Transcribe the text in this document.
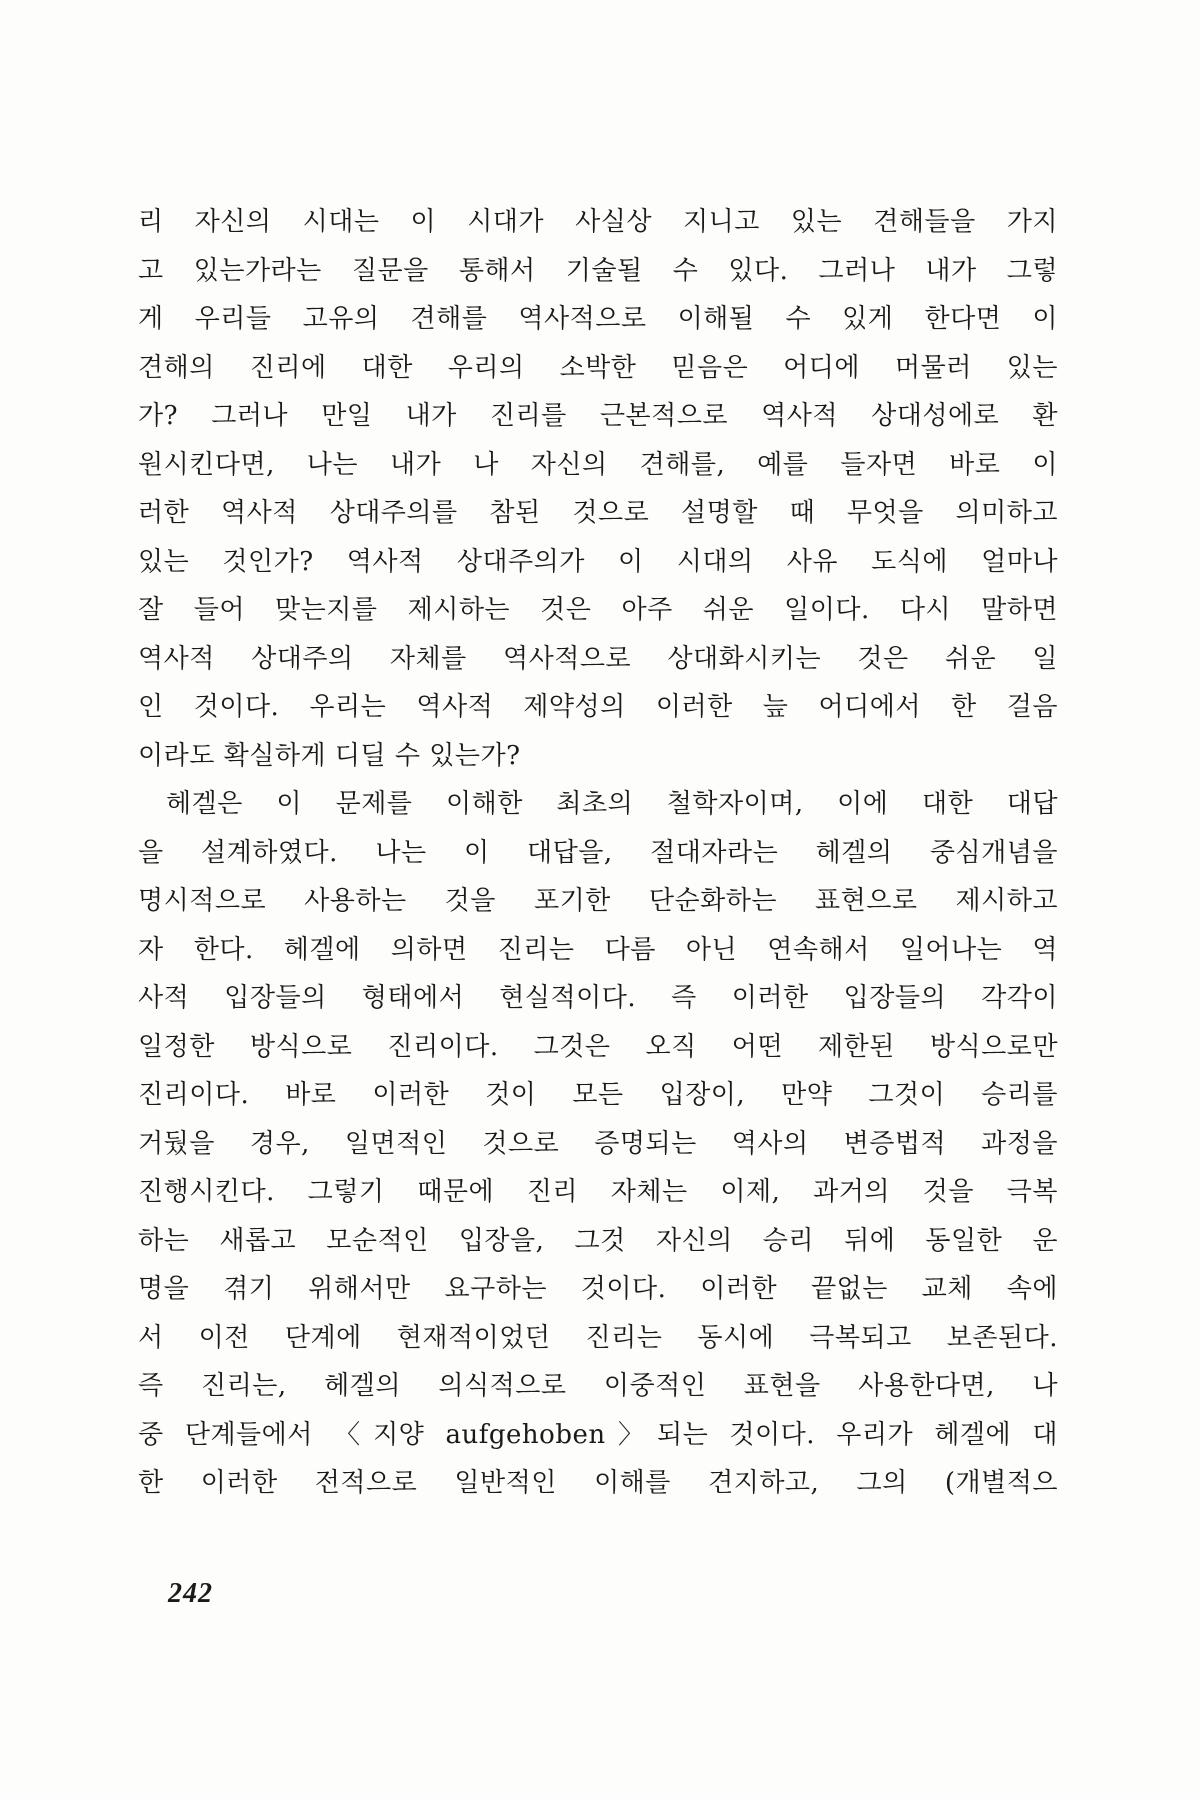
리 자신의 시대는 이 시대가 사실상 지니고 있는 견해들을 가지
고 있는가라는 질문을 통해서 기술될 수 있다. 그러나 내가 그렇
게 우리들 고유의 견해를 역사적으로 이해될 수 있게 한다면 이
견해의 진리에 대한 우리의 소박한 믿음은 어디에 머물러 있는
가? 그러나 만일 내가 진리를 근본적으로 역사적 상대성에로 환
원시킨다면, 나는 내가 나 자신의 견해를, 예를 들자면 바로 이
러한 역사적 상대주의를 참된 것으로 설명할 때 무엇을 의미하고
있는 것인가? 역사적 상대주의가 이 시대의 사유 도식에 얼마나
잘 들어 맞는지를 제시하는 것은 아주 쉬운 일이다. 다시 말하면
역사적 상대주의 자체를 역사적으로 상대화시키는 것은 쉬운 일
인 것이다. 우리는 역사적 제약성의 이러한 늪 어디에서 한 걸음
이라도 확실하게 디딜 수 있는가?
헤겔은 이 문제를 이해한 최초의 철학자이며, 이에 대한 대답
을 설계하였다. 나는 이 대답을, 절대자라는 헤겔의 중심개념을
명시적으로 사용하는 것을 포기한 단순화하는 표현으로 제시하고
자 한다. 헤겔에 의하면 진리는 다름 아닌 연속해서 일어나는 역
사적 입장들의 형태에서 현실적이다. 즉 이러한 입장들의 각각이
일정한 방식으로 진리이다. 그것은 오직 어떤 제한된 방식으로만
진리이다. 바로 이러한 것이 모든 입장이, 만약 그것이 승리를
거뒀을 경우, 일면적인 것으로 증명되는 역사의 변증법적 과정을
진행시킨다. 그렇기 때문에 진리 자체는 이제, 과거의 것을 극복
하는 새롭고 모순적인 입장을, 그것 자신의 승리 뒤에 동일한 운
명을 겪기 위해서만 요구하는 것이다. 이러한 끝없는 교체 속에
서 이전 단계에 현재적이었던 진리는 동시에 극복되고 보존된다.
즉 진리는, 헤겔의 의식적으로 이중적인 표현을 사용한다면, 나
중 단계들에서 〈지양 aufgehoben〉되는 것이다. 우리가 헤겔에 대
한 이러한 전적으로 일반적인 이해를 견지하고, 그의 (개별적으
242
